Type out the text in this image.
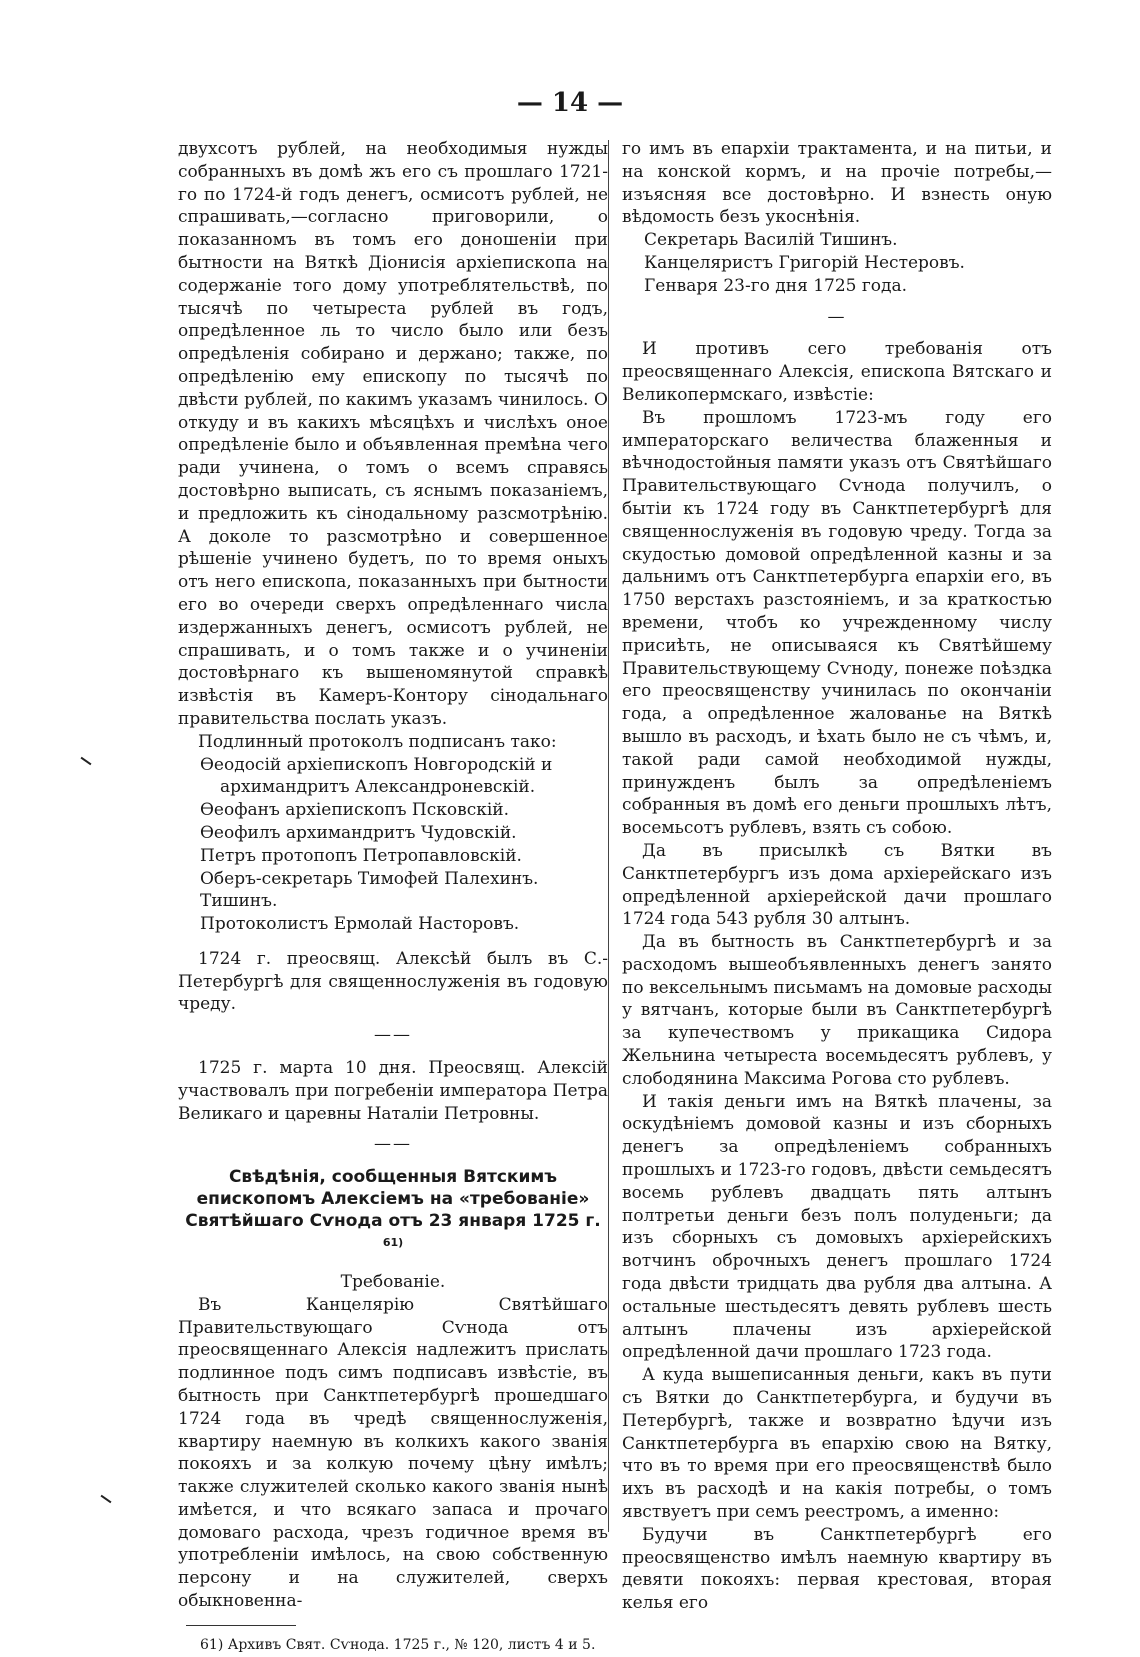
— 14 —

двухсотъ рублей, на необходимыя нужды собранныхъ въ домѣ жъ его съ прошлаго 1721-го по 1724-й годъ денегъ, осмисотъ рублей, не спрашивать,—согласно приговорили, о показанномъ въ томъ его доношеніи при бытности на Вяткѣ Діонисія архіепископа на содержаніе того дому употреблятельствѣ, по тысячѣ по четыреста рублей въ годъ, опредѣленное ль то число было или безъ опредѣленія собирано и держано; такжe, по опредѣленію ему епископу по тысячѣ по двѣсти рублей, по какимъ указамъ чинилось. О откуду и въ какихъ мѣсяцѣхъ и числѣхъ оное опредѣленіе было и объявленная премѣна чего ради учинена, о томъ о всемъ справясь достовѣрно выписать, съ яснымъ показаніемъ, и предложить къ сінодальному разсмотрѣнію. А доколе то разсмотрѣно и совершенное рѣшеніе учинено будетъ, по то время оныхъ отъ него епископа, показанныхъ при бытности его во очереди сверхъ опредѣленнаго числа издержанныхъ денегъ, осмисотъ рублей, не спрашивать, и о томъ также и о учиненіи достовѣрнаго къ вышеномянутой справкѣ извѣстія въ Камеръ-Контору сінодальнаго правительства послать указъ.

Подлинный протоколъ подписанъ тако:

Ѳеодосій архіепископъ Новгородскій и архимандритъ Александроневскій.

Ѳеофанъ архіепископъ Псковскій.

Ѳеофилъ архимандритъ Чудовскій.

Петръ протопопъ Петропавловскій.

Оберъ-секретарь Тимофей Палехинъ.

Тишинъ.

Протоколистъ Ермолай Насторовъ.

1724 г. преосвящ. Алексѣй былъ въ С.-Петербургѣ для священнослуженія въ годовую чреду.

——

1725 г. марта 10 дня. Преосвящ. Алексій участвовалъ при погребеніи императора Петра Великаго и царевны Наталіи Петровны.

——
Свѣдѣнія, сообщенныя Вятскимъ епископомъ Алексіемъ на «требованіе» Святѣйшаго Сѵнода отъ 23 января 1725 г. $^{61)}$
Требованіе.

Въ Канцелярію Святѣйшаго Правительствующаго Сѵнода отъ преосвященнаго Алексія надлежитъ прислать подлинное подъ симъ подписавъ извѣстіе, въ бытность при Санктпетербургѣ прошедшаго 1724 года въ чредѣ священнослуженія, квартиру наемную въ колкихъ какого званія покояхъ и за колкую почему цѣну имѣлъ; также служителей сколько какого званія нынѣ имѣется, и что всякаго запаса и прочаго домоваго расхода, чрезъ годичное время въ употребленіи имѣлось, на свою собственную персону и на служителей, сверхъ обыкновенна-

61) Архивъ Свят. Сѵнода. 1725 г., № 120, листъ 4 и 5.

го имъ въ епархіи трактамента, и на питьи, и на конской кормъ, и на прочіе потребы,—изъясняя все достовѣрно. И взнесть оную вѣдомость безъ укоснѣнія.

Секретарь Василій Тишинъ.

Канцеляристъ Григорій Нестеровъ.

Генваря 23-го дня 1725 года.

—

И противъ сего требованія отъ преосвященнаго Алексія, епископа Вятскаго и Великопермскаго, извѣстіе:

Въ прошломъ 1723-мъ году его императорскаго величества блаженныя и вѣчнодостойныя памяти указъ отъ Святѣйшаго Правительствующаго Сѵнода получилъ, о бытіи къ 1724 году въ Санктпетербургѣ для священнослуженія въ годовую чреду. Тогда за скудостью домовой опредѣленной казны и за дальнимъ отъ Санктпетербурга епархіи его, въ 1750 верстахъ разстояніемъ, и за краткостью времени, чтобъ ко учрежденному числу присиѣть, не описываяся къ Святѣйшему Правительствующему Сѵноду, понеже поѣздка его преосвященству учинилась по окончаніи года, а опредѣленное жалованье на Вяткѣ вышло въ расходъ, и ѣхать было не съ чѣмъ, и, такой ради самой необходимой нужды, принужденъ былъ за опредѣленіемъ собранныя въ домѣ его деньги прошлыхъ лѣтъ, восемьсотъ рублевъ, взять съ собою.

Да въ присылкѣ съ Вятки въ Санктпетербургъ изъ дома архіерейскаго изъ опредѣленной архіерейской дачи прошлаго 1724 года 543 рубля 30 алтынъ.

Да въ бытность въ Санктпетербургѣ и за расходомъ вышеобъявленныхъ денегъ занято по вексельнымъ письмамъ на домовые расходы у вятчанъ, которые были въ Санктпетербургѣ за купечествомъ у прикащика Сидора Жельнина четыреста восемьдесятъ рублевъ, у слободянина Максима Рогова сто рублевъ.

И такія деньги имъ на Вяткѣ плачены, за оскудѣніемъ домовой казны и изъ сборныхъ денегъ за опредѣленіемъ собранныхъ прошлыхъ и 1723-го годовъ, двѣсти семьдесятъ восемь рублевъ двадцать пять алтынъ полтретьи деньги безъ полъ полуденьги; да изъ сборныхъ съ домовыхъ архіерейскихъ вотчинъ оброчныхъ денегъ прошлаго 1724 года двѣсти тридцать два рубля два алтына. А остальные шестьдесятъ девять рублевъ шесть алтынъ плачены изъ архіерейской опредѣленной дачи прошлаго 1723 года.

А куда вышеписанныя деньги, какъ въ пути съ Вятки до Санктпетербурга, и будучи въ Петербургѣ, также и возвратно ѣдучи изъ Санктпетербурга въ епархію свою на Вятку, что въ то время при его преосвященствѣ было ихъ въ расходѣ и на какія потребы, о томъ явствуетъ при семъ реестромъ, а именно:

Будучи въ Санктпетербургѣ его преосвященство имѣлъ наемную квартиру въ девяти покояхъ: первая крестовая, вторая келья его
